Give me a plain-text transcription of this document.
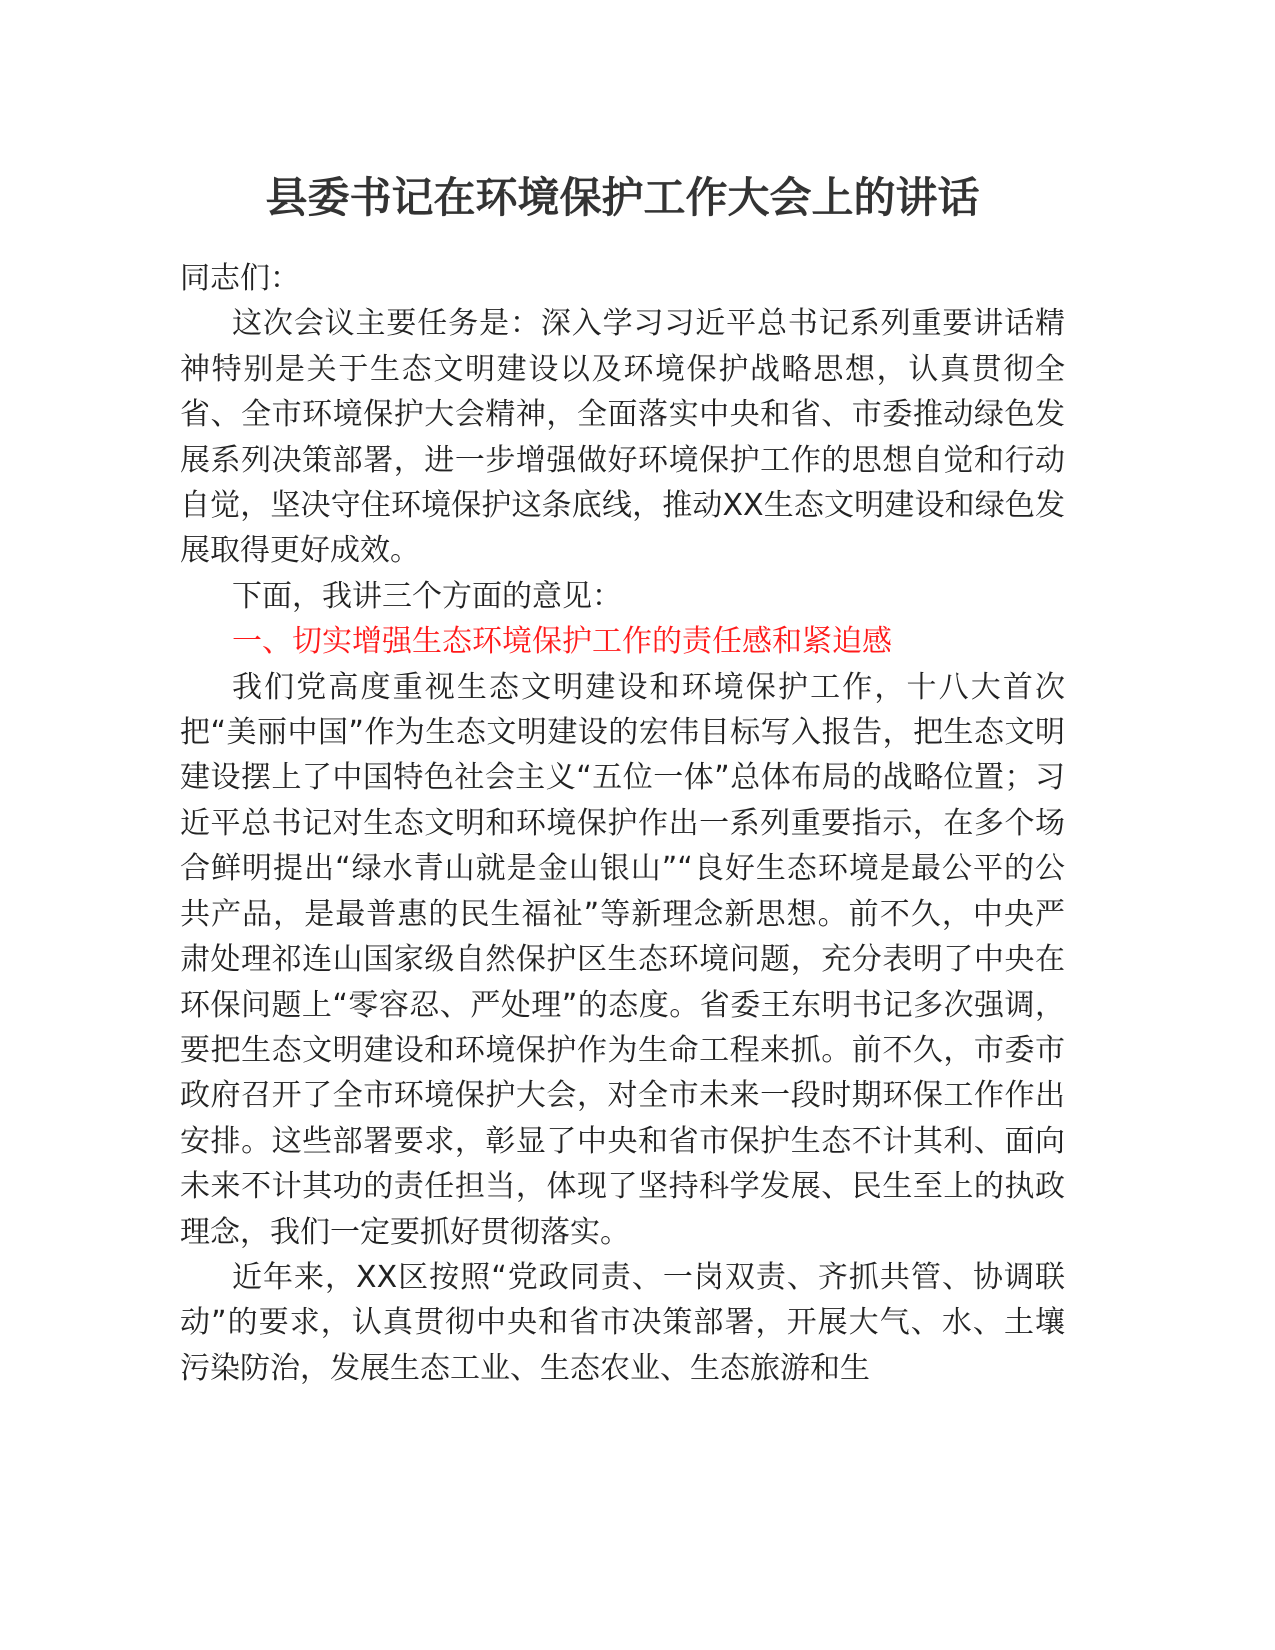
县委书记在环境保护工作大会上的讲话

同志们：

这次会议主要任务是：深入学习习近平总书记系列重要讲话精神特别是关于生态文明建设以及环境保护战略思想，认真贯彻全省、全市环境保护大会精神，全面落实中央和省、市委推动绿色发展系列决策部署，进一步增强做好环境保护工作的思想自觉和行动自觉，坚决守住环境保护这条底线，推动XX生态文明建设和绿色发展取得更好成效。

下面，我讲三个方面的意见：

一、切实增强生态环境保护工作的责任感和紧迫感

我们党高度重视生态文明建设和环境保护工作，十八大首次把“美丽中国”作为生态文明建设的宏伟目标写入报告，把生态文明建设摆上了中国特色社会主义“五位一体”总体布局的战略位置；习近平总书记对生态文明和环境保护作出一系列重要指示，在多个场合鲜明提出“绿水青山就是金山银山”“良好生态环境是最公平的公共产品，是最普惠的民生福祉”等新理念新思想。前不久，中央严肃处理祁连山国家级自然保护区生态环境问题，充分表明了中央在环保问题上“零容忍、严处理”的态度。省委王东明书记多次强调，要把生态文明建设和环境保护作为生命工程来抓。前不久，市委市政府召开了全市环境保护大会，对全市未来一段时期环保工作作出安排。这些部署要求，彰显了中央和省市保护生态不计其利、面向未来不计其功的责任担当，体现了坚持科学发展、民生至上的执政理念，我们一定要抓好贯彻落实。

近年来，XX区按照“党政同责、一岗双责、齐抓共管、协调联动”的要求，认真贯彻中央和省市决策部署，开展大气、水、土壤污染防治，发展生态工业、生态农业、生态旅游和生
